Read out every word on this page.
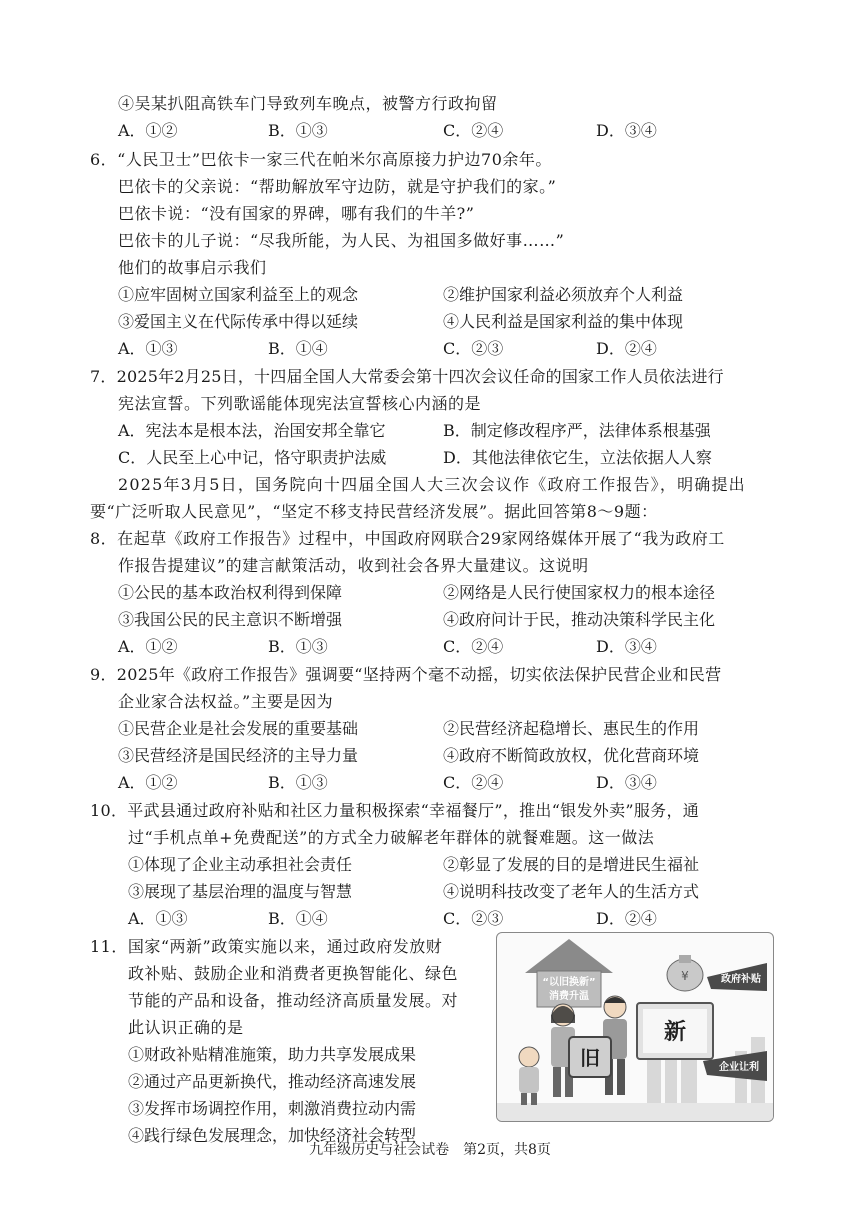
④吴某扒阻高铁车门导致列车晚点，被警方行政拘留
A．①②	B．①③	C．②④	D．③④
6．“人民卫士”巴依卡一家三代在帕米尔高原接力护边70余年。
巴依卡的父亲说：“帮助解放军守边防，就是守护我们的家。”
巴依卡说：“没有国家的界碑，哪有我们的牛羊?”
巴依卡的儿子说：“尽我所能，为人民、为祖国多做好事……”
他们的故事启示我们
①应牢固树立国家利益至上的观念	②维护国家利益必须放弃个人利益
③爱国主义在代际传承中得以延续	④人民利益是国家利益的集中体现
A．①③	B．①④	C．②③	D．②④
7．2025年2月25日，十四届全国人大常委会第十四次会议任命的国家工作人员依法进行
宪法宣誓。下列歌谣能体现宪法宣誓核心内涵的是
A．宪法本是根本法，治国安邦全靠它	B．制定修改程序严，法律体系根基强
C．人民至上心中记，恪守职责护法威	D．其他法律依它生，立法依据人人察
2025年3月5日，国务院向十四届全国人大三次会议作《政府工作报告》，明确提出
要“广泛听取人民意见”，“坚定不移支持民营经济发展”。据此回答第8～9题：
8．在起草《政府工作报告》过程中，中国政府网联合29家网络媒体开展了“我为政府工
作报告提建议”的建言献策活动，收到社会各界大量建议。这说明
①公民的基本政治权利得到保障	②网络是人民行使国家权力的根本途径
③我国公民的民主意识不断增强	④政府问计于民，推动决策科学民主化
A．①②	B．①③	C．②④	D．③④
9．2025年《政府工作报告》强调要“坚持两个毫不动摇，切实依法保护民营企业和民营
企业家合法权益。”主要是因为
①民营企业是社会发展的重要基础	②民营经济起稳增长、惠民生的作用
③民营经济是国民经济的主导力量	④政府不断简政放权，优化营商环境
A．①②	B．①③	C．②④	D．③④
10．平武县通过政府补贴和社区力量积极探索“幸福餐厅”，推出“银发外卖”服务，通
过“手机点单+免费配送”的方式全力破解老年群体的就餐难题。这一做法
①体现了企业主动承担社会责任	②彰显了发展的目的是增进民生福祉
③展现了基层治理的温度与智慧	④说明科技改变了老年人的生活方式
A．①③	B．①④	C．②③	D．②④
11．国家“两新”政策实施以来，通过政府发放财
政补贴、鼓励企业和消费者更换智能化、绿色
节能的产品和设备，推动经济高质量发展。对
此认识正确的是
①财政补贴精准施策，助力共享发展成果
②通过产品更新换代，推动经济高速发展
③发挥市场调控作用，刺激消费拉动内需
④践行绿色发展理念，加快经济社会转型
“以旧换新”
消费升温
¥	政府补贴
新
企业让利
旧
九年级历史与社会试卷　第2页，共8页
